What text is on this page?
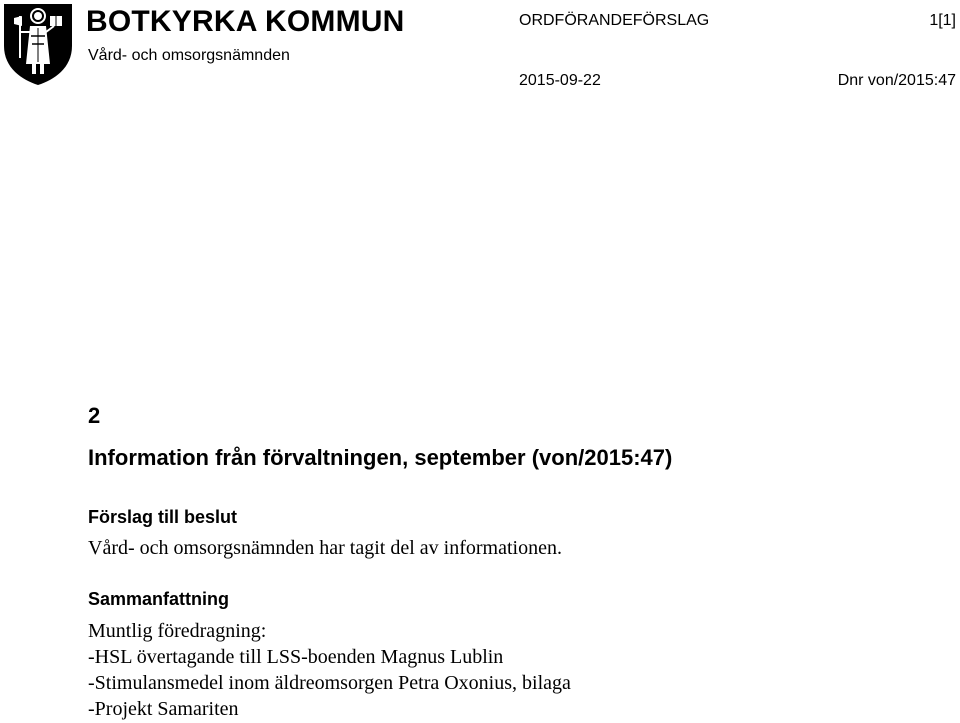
BOTKYRKA KOMMUN
Vård- och omsorgsnämnden
ORDFÖRANDEFÖRSLAG	1[1]
2015-09-22	Dnr von/2015:47
2
Information från förvaltningen, september (von/2015:47)
Förslag till beslut
Vård- och omsorgsnämnden har tagit del av informationen.
Sammanfattning
Muntlig föredragning:
-HSL övertagande till LSS-boenden Magnus Lublin
-Stimulansmedel inom äldreomsorgen Petra Oxonius, bilaga
-Projekt Samariten
